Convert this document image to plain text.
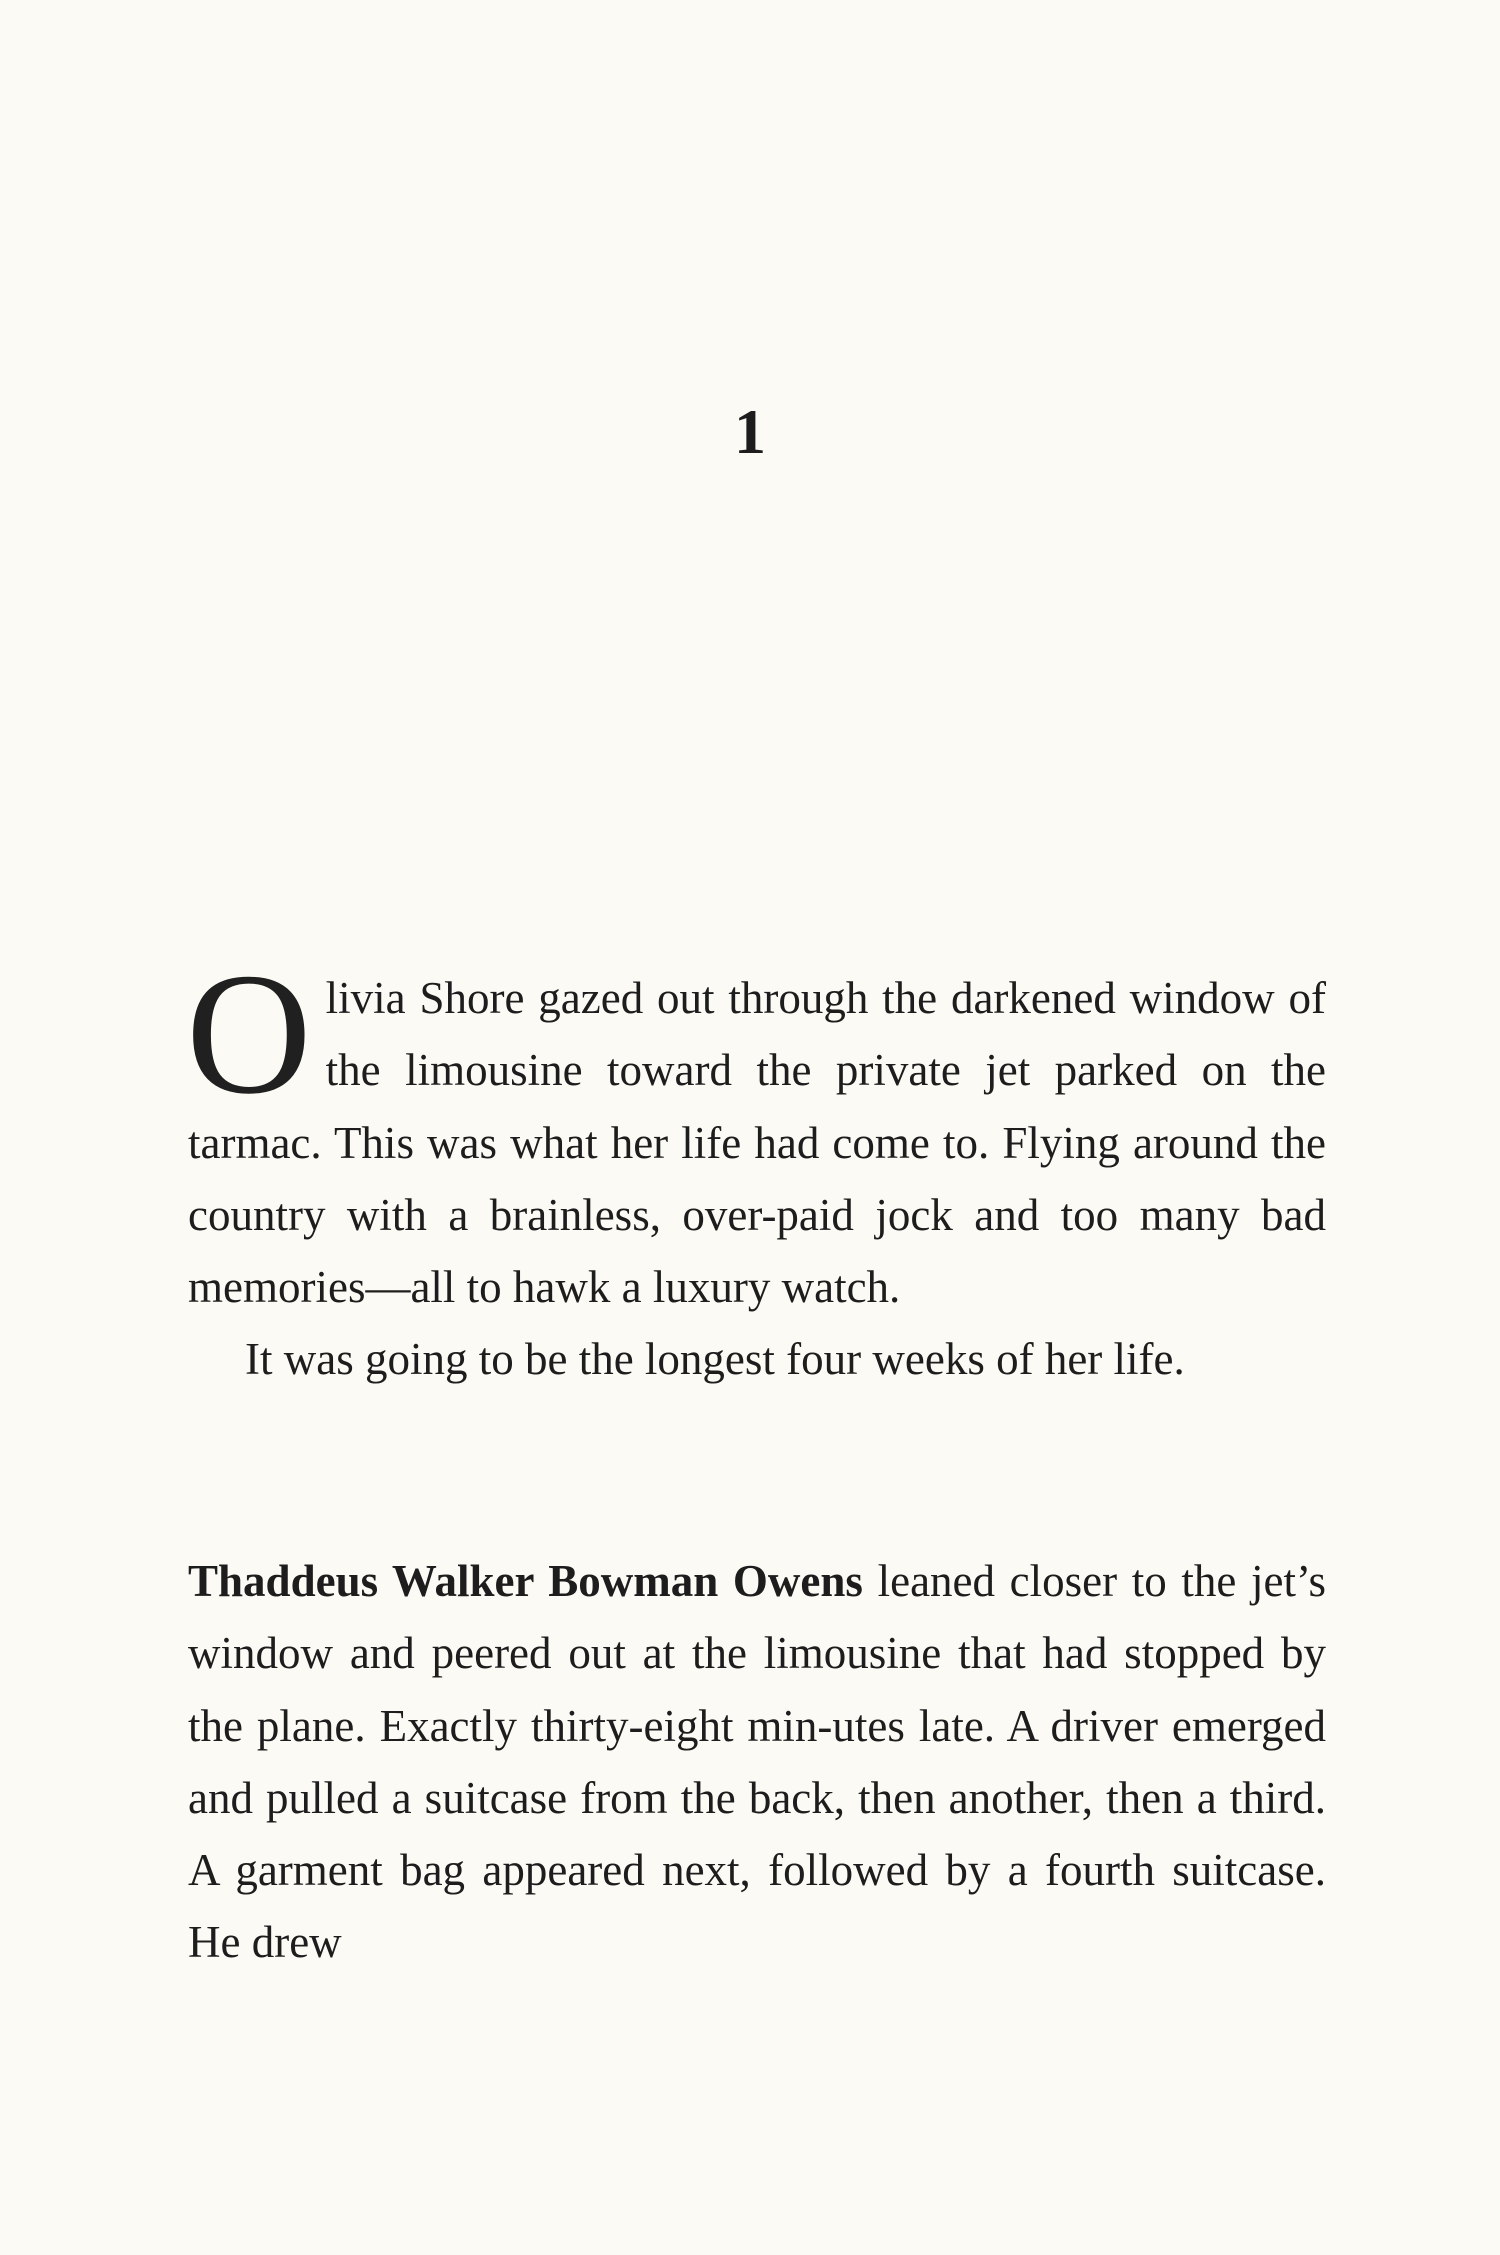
1

Olivia Shore gazed out through the darkened window of the limousine toward the private jet parked on the tarmac. This was what her life had come to. Flying around the country with a brainless, over-paid jock and too many bad memories—all to hawk a luxury watch.

It was going to be the longest four weeks of her life.

Thaddeus Walker Bowman Owens leaned closer to the jet’s window and peered out at the limousine that had stopped by the plane. Exactly thirty-eight min-utes late. A driver emerged and pulled a suitcase from the back, then another, then a third. A garment bag appeared next, followed by a fourth suitcase. He drew
